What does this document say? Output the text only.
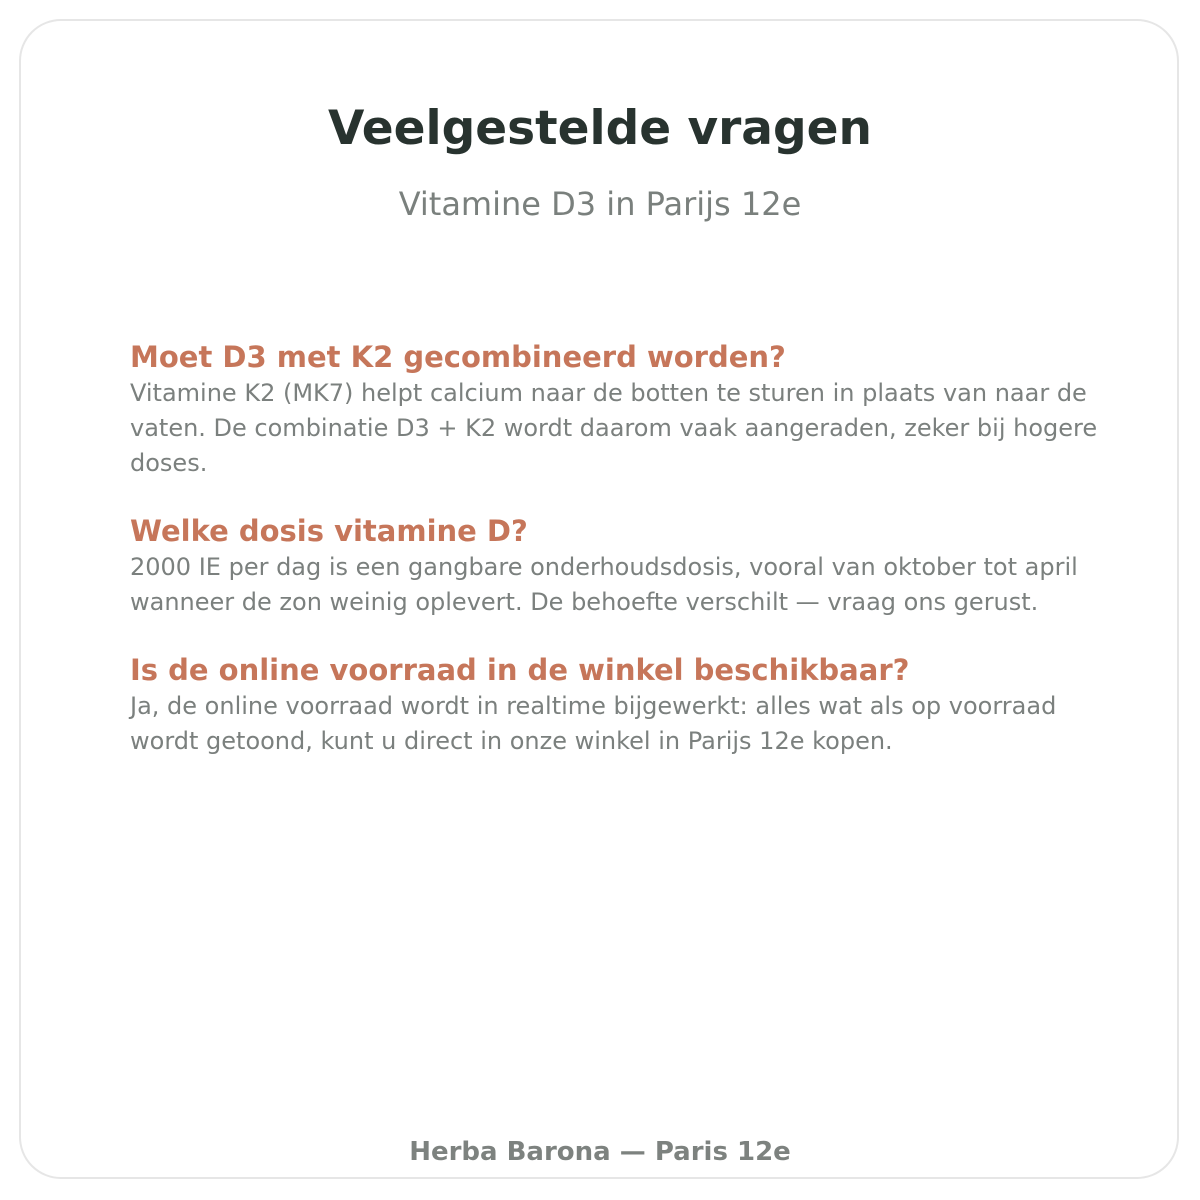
Veelgestelde vragen

Vitamine D3 in Parijs 12e

Moet D3 met K2 gecombineerd worden?

Vitamine K2 (MK7) helpt calcium naar de botten te sturen in plaats van naar de vaten. De combinatie D3 + K2 wordt daarom vaak aangeraden, zeker bij hogere doses.

Welke dosis vitamine D?

2000 IE per dag is een gangbare onderhoudsdosis, vooral van oktober tot april wanneer de zon weinig oplevert. De behoefte verschilt — vraag ons gerust.

Is de online voorraad in de winkel beschikbaar?

Ja, de online voorraad wordt in realtime bijgewerkt: alles wat als op voorraad wordt getoond, kunt u direct in onze winkel in Parijs 12e kopen.

Herba Barona — Paris 12e
